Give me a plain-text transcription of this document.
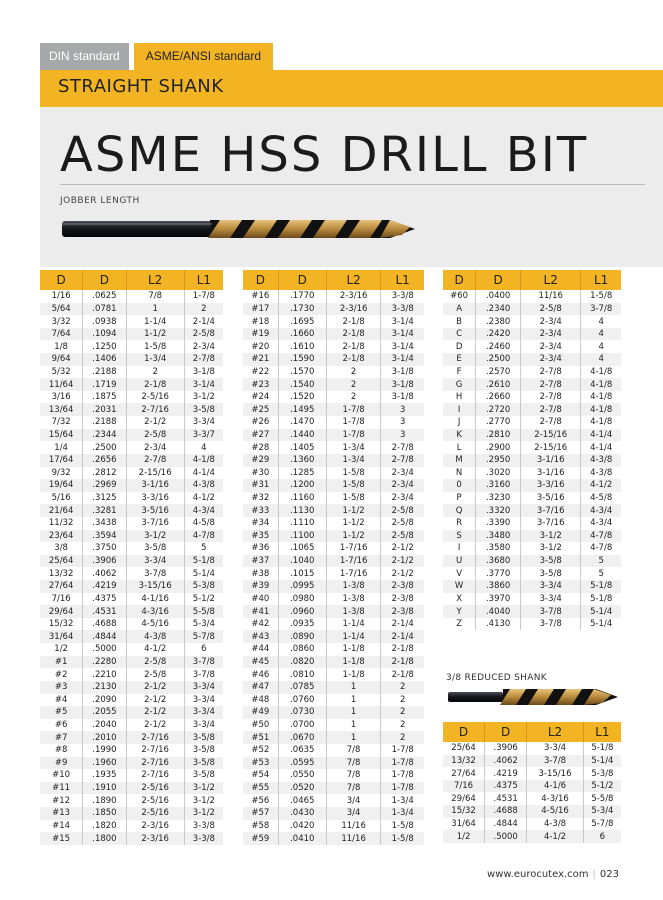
DIN standard	ASME/ANSI standard
STRAIGHT SHANK
ASME HSS DRILL BIT
JOBBER LENGTH
D	D	L2	L1
1/16	.0625	7/8	1-7/8
5/64	.0781	1	2
3/32	.0938	1-1/4	2-1/4
7/64	.1094	1-1/2	2-5/8
1/8	.1250	1-5/8	2-3/4
9/64	.1406	1-3/4	2-7/8
5/32	.2188	2	3-1/8
11/64	.1719	2-1/8	3-1/4
3/16	.1875	2-5/16	3-1/2
13/64	.2031	2-7/16	3-5/8
7/32	.2188	2-1/2	3-3/4
15/64	.2344	2-5/8	3-3/7
1/4	.2500	2-3/4	4
17/64	.2656	2-7/8	4-1/8
9/32	.2812	2-15/16	4-1/4
19/64	.2969	3-1/16	4-3/8
5/16	.3125	3-3/16	4-1/2
21/64	.3281	3-5/16	4-3/4
11/32	.3438	3-7/16	4-5/8
23/64	.3594	3-1/2	4-7/8
3/8	.3750	3-5/8	5
25/64	.3906	3-3/4	5-1/8
13/32	.4062	3-7/8	5-1/4
27/64	.4219	3-15/16	5-3/8
7/16	.4375	4-1/16	5-1/2
29/64	.4531	4-3/16	5-5/8
15/32	.4688	4-5/16	5-3/4
31/64	.4844	4-3/8	5-7/8
1/2	.5000	4-1/2	6
#1	.2280	2-5/8	3-7/8
#2	.2210	2-5/8	3-7/8
#3	.2130	2-1/2	3-3/4
#4	.2090	2-1/2	3-3/4
#5	.2055	2-1/2	3-3/4
#6	.2040	2-1/2	3-3/4
#7	.2010	2-7/16	3-5/8
#8	.1990	2-7/16	3-5/8
#9	.1960	2-7/16	3-5/8
#10	.1935	2-7/16	3-5/8
#11	.1910	2-5/16	3-1/2
#12	.1890	2-5/16	3-1/2
#13	.1850	2-5/16	3-1/2
#14	.1820	2-3/16	3-3/8
#15	.1800	2-3/16	3-3/8
D	D	L2	L1
#16	.1770	2-3/16	3-3/8
#17	.1730	2-3/16	3-3/8
#18	.1695	2-1/8	3-1/4
#19	.1660	2-1/8	3-1/4
#20	.1610	2-1/8	3-1/4
#21	.1590	2-1/8	3-1/4
#22	.1570	2	3-1/8
#23	.1540	2	3-1/8
#24	.1520	2	3-1/8
#25	.1495	1-7/8	3
#26	.1470	1-7/8	3
#27	.1440	1-7/8	3
#28	.1405	1-3/4	2-7/8
#29	.1360	1-3/4	2-7/8
#30	.1285	1-5/8	2-3/4
#31	.1200	1-5/8	2-3/4
#32	.1160	1-5/8	2-3/4
#33	.1130	1-1/2	2-5/8
#34	.1110	1-1/2	2-5/8
#35	.1100	1-1/2	2-5/8
#36	.1065	1-7/16	2-1/2
#37	.1040	1-7/16	2-1/2
#38	.1015	1-7/16	2-1/2
#39	.0995	1-3/8	2-3/8
#40	.0980	1-3/8	2-3/8
#41	.0960	1-3/8	2-3/8
#42	.0935	1-1/4	2-1/4
#43	.0890	1-1/4	2-1/4
#44	.0860	1-1/8	2-1/8
#45	.0820	1-1/8	2-1/8
#46	.0810	1-1/8	2-1/8
#47	.0785	1	2
#48	.0760	1	2
#49	.0730	1	2
#50	.0700	1	2
#51	.0670	1	2
#52	.0635	7/8	1-7/8
#53	.0595	7/8	1-7/8
#54	.0550	7/8	1-7/8
#55	.0520	7/8	1-7/8
#56	.0465	3/4	1-3/4
#57	.0430	3/4	1-3/4
#58	.0420	11/16	1-5/8
#59	.0410	11/16	1-5/8
D	D	L2	L1
#60	.0400	11/16	1-5/8
A	.2340	2-5/8	3-7/8
B	.2380	2-3/4	4
C	.2420	2-3/4	4
D	.2460	2-3/4	4
E	.2500	2-3/4	4
F	.2570	2-7/8	4-1/8
G	.2610	2-7/8	4-1/8
H	.2660	2-7/8	4-1/8
I	.2720	2-7/8	4-1/8
J	.2770	2-7/8	4-1/8
K	.2810	2-15/16	4-1/4
L	.2900	2-15/16	4-1/4
M	.2950	3-1/16	4-3/8
N	.3020	3-1/16	4-3/8
0	.3160	3-3/16	4-1/2
P	.3230	3-5/16	4-5/8
Q	.3320	3-7/16	4-3/4
R	.3390	3-7/16	4-3/4
S	.3480	3-1/2	4-7/8
I	.3580	3-1/2	4-7/8
U	.3680	3-5/8	5
V	.3770	3-5/8	5
W	.3860	3-3/4	5-1/8
X	.3970	3-3/4	5-1/8
Y	.4040	3-7/8	5-1/4
Z	.4130	3-7/8	5-1/4
3/8 REDUCED SHANK
D	D	L2	L1
25/64	.3906	3-3/4	5-1/8
13/32	.4062	3-7/8	5-1/4
27/64	.4219	3-15/16	5-3/8
7/16	.4375	4-1/6	5-1/2
29/64	.4531	4-3/16	5-5/8
15/32	.4688	4-5/16	5-3/4
31/64	.4844	4-3/8	5-7/8
1/2	.5000	4-1/2	6
www.eurocutex.com | 023
